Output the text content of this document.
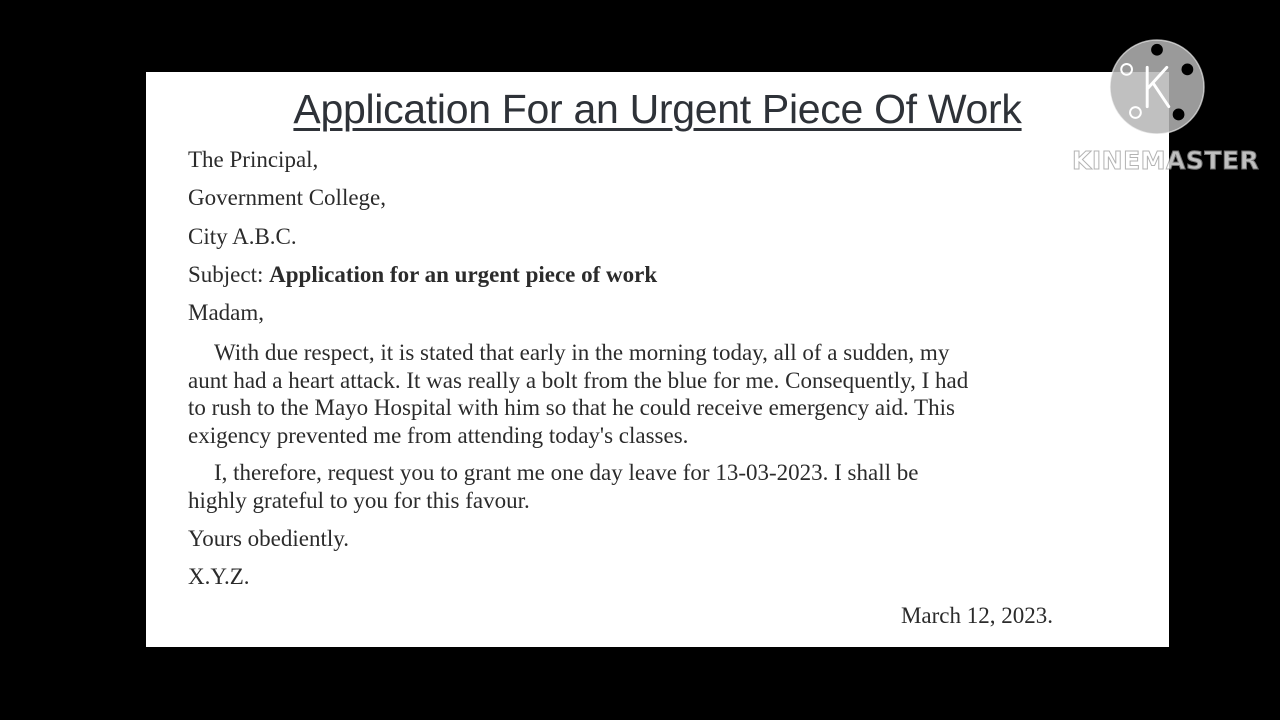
Application For an Urgent Piece Of Work
The Principal,
Government College,
City A.B.C.
Subject: Application for an urgent piece of work
Madam,
With due respect, it is stated that early in the morning today, all of a sudden, my
aunt had a heart attack. It was really a bolt from the blue for me. Consequently, I had
to rush to the Mayo Hospital with him so that he could receive emergency aid. This
exigency prevented me from attending today's classes.
I, therefore, request you to grant me one day leave for 13-03-2023. I shall be
highly grateful to you for this favour.
Yours obediently.
X.Y.Z.
March 12, 2023.
KINEMASTER
